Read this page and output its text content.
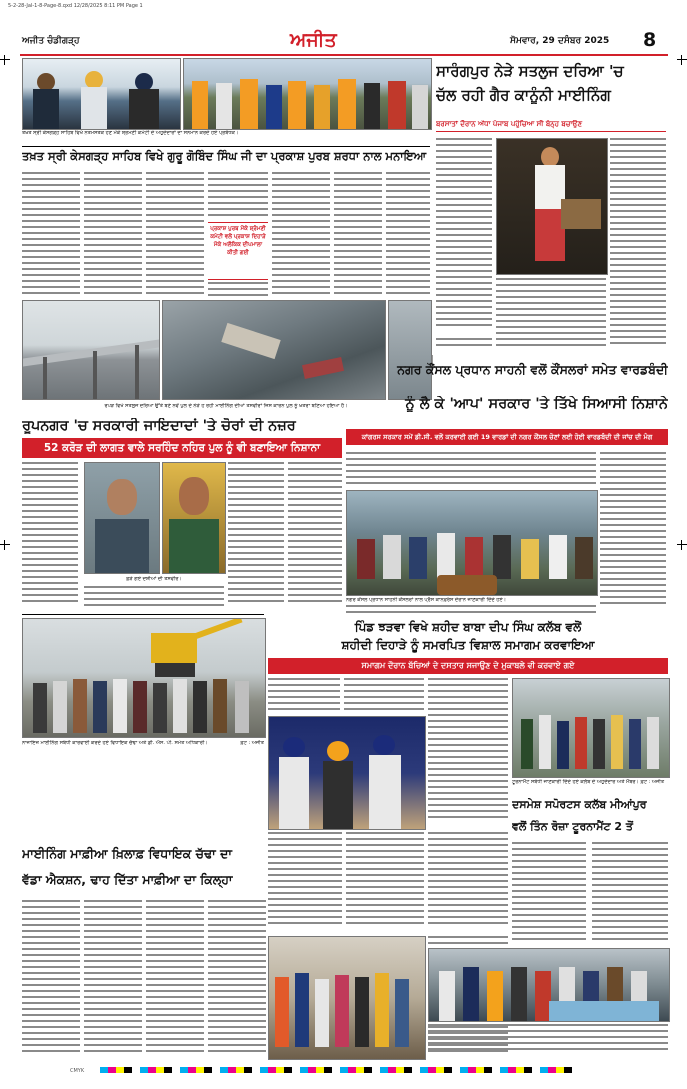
5-2-28-Jal-1-8-Page-8.qxd 12/28/2025 8:11 PM Page 1
ਅਜੀਤ ਚੰਡੀਗੜ੍ਹ	ਅਜੀਤ	ਸੋਮਵਾਰ, 29 ਦਸੰਬਰ 2025 8
ਤਖ਼ਤ ਸ੍ਰੀ ਕੇਸਗੜ੍ਹ ਸਾਹਿਬ ਵਿਖੇ ਨਤਮਸਤਕ ਹੋਣ ਮੌਕੇ ਸ਼੍ਰੋਮਣੀ ਕਮੇਟੀ ਦੇ ਅਹੁਦੇਦਾਰਾਂ ਦਾ ਸਨਮਾਨ ਕਰਦੇ ਹੋਏ ਪ੍ਰਬੰਧਕ।
ਸਾਰੰਗਪੁਰ ਨੇੜੇ ਸਤਲੁਜ ਦਰਿਆ 'ਚ
ਚੱਲ ਰਹੀ ਗੈਰ ਕਾਨੂੰਨੀ ਮਾਈਨਿੰਗ
ਬਰਸਾਤਾਂ ਦੌਰਾਨ ਅੱਧਾ ਪੰਜਾਬ ਪਹੁੰਚਿਆ ਸੀ ਬੰਨ੍ਹ ਬਚਾਉਣ
ਤਖ਼ਤ ਸ੍ਰੀ ਕੇਸਗੜ੍ਹ ਸਾਹਿਬ ਵਿਖੇ ਗੁਰੂ ਗੋਬਿੰਦ ਸਿੰਘ ਜੀ ਦਾ ਪ੍ਰਕਾਸ਼ ਪੁਰਬ ਸ਼ਰਧਾ ਨਾਲ ਮਨਾਇਆ
ਪ੍ਰਕਾਸ਼ ਪੁਰਬ ਮੌਕੇ ਸ਼੍ਰੋਮਣੀ ਕਮੇਟੀ ਵਲੋਂ ਪ੍ਰਕਾਸ਼ ਦਿਹਾੜੇ ਮੌਕੇ ਅਲੌਕਿਕ ਦੀਪਮਾਲਾ ਕੀਤੀ ਗਈ
ਰੋਪੜ ਵਿਖੇ ਸਤਲੁਜ ਦਰਿਆ ਉੱਤੇ ਬਣੇ ਨਵੇਂ ਪੁਲ ਦੇ ਨੇੜੇ ਹੋ ਰਹੀ ਮਾਈਨਿੰਗ ਦੀਆਂ ਤਸਵੀਰਾਂ ਜਿਸ ਕਾਰਨ ਪੁਲ ਨੂੰ ਖ਼ਤਰਾ ਬਣਿਆ ਹੋਇਆ ਹੈ।
ਨਗਰ ਕੌਂਸਲ ਪ੍ਰਧਾਨ ਸਾਹਨੀ ਵਲੋਂ ਕੌਂਸਲਰਾਂ ਸਮੇਤ ਵਾਰਡਬੰਦੀ
ਨੂੰ ਲੈ ਕੇ 'ਆਪ' ਸਰਕਾਰ 'ਤੇ ਤਿੱਖੇ ਸਿਆਸੀ ਨਿਸ਼ਾਨੇ
ਰੂਪਨਗਰ 'ਚ ਸਰਕਾਰੀ ਜਾਇਦਾਦਾਂ 'ਤੇ ਚੋਰਾਂ ਦੀ ਨਜ਼ਰ
52 ਕਰੋੜ ਦੀ ਲਾਗਤ ਵਾਲੇ ਸਰਹਿੰਦ ਨਹਿਰ ਪੁਲ ਨੂੰ ਵੀ ਬਣਾਇਆ ਨਿਸ਼ਾਨਾ
ਫ਼ੜੇ ਗਏ ਦੋਸ਼ੀਆਂ ਦੀ ਤਸਵੀਰ।
ਕਾਂਗਰਸ ਸਰਕਾਰ ਸਮੇਂ ਡੀ.ਸੀ. ਵਲੋਂ ਕਰਵਾਈ ਗਈ 19 ਵਾਰਡਾਂ ਦੀ ਨਗਰ ਕੌਂਸਲ ਚੋਣਾਂ ਲਈ ਹੋਈ ਵਾਰਡਬੰਦੀ ਦੀ ਜਾਂਚ ਦੀ ਮੰਗ
ਨਗਰ ਕੌਂਸਲ ਪ੍ਰਧਾਨ ਸਾਹਨੀ ਕੌਂਸਲਰਾਂ ਨਾਲ ਪ੍ਰੈਸ ਕਾਨਫ਼ਰੰਸ ਦੌਰਾਨ ਜਾਣਕਾਰੀ ਦਿੰਦੇ ਹੋਏ।
ਨਾਜਾਇਜ਼ ਮਾਈਨਿੰਗ ਸਬੰਧੀ ਕਾਰਵਾਈ ਕਰਦੇ ਹੋਏ ਵਿਧਾਇਕ ਚੱਢਾ ਅਤੇ ਡੀ. ਐਸ. ਪੀ. ਸਮੇਤ ਅਧਿਕਾਰੀ।	ਫ਼ੋਟੋ : ਅਜੀਤ
ਪਿੰਡ ਝੜਵਾ ਵਿਖੇ ਸ਼ਹੀਦ ਬਾਬਾ ਦੀਪ ਸਿੰਘ ਕਲੱਬ ਵਲੋਂ
ਸ਼ਹੀਦੀ ਦਿਹਾੜੇ ਨੂੰ ਸਮਰਪਿਤ ਵਿਸ਼ਾਲ ਸਮਾਗਮ ਕਰਵਾਇਆ
ਸਮਾਗਮ ਦੌਰਾਨ ਬੱਚਿਆਂ ਦੇ ਦਸਤਾਰ ਸਜਾਉਣ ਦੇ ਮੁਕਾਬਲੇ ਵੀ ਕਰਵਾਏ ਗਏ
ਟੂਰਨਾਮੈਂਟ ਸਬੰਧੀ ਜਾਣਕਾਰੀ ਦਿੰਦੇ ਹੋਏ ਕਲੱਬ ਦੇ ਅਹੁਦੇਦਾਰ ਅਤੇ ਮੈਂਬਰ। ਫ਼ੋਟੋ : ਅਜੀਤ
ਮਾਈਨਿੰਗ ਮਾਫ਼ੀਆ ਖ਼ਿਲਾਫ਼ ਵਿਧਾਇਕ ਚੱਢਾ ਦਾ
ਵੱਡਾ ਐਕਸ਼ਨ, ਢਾਹ ਦਿੱਤਾ ਮਾਫ਼ੀਆ ਦਾ ਕਿਲ੍ਹਾ
ਦਸਮੇਸ਼ ਸਪੋਰਟਸ ਕਲੱਬ ਮੀਆਂਪੁਰ
ਵਲੋਂ ਤਿੰਨ ਰੋਜ਼ਾ ਟੂਰਨਾਮੈਂਟ 2 ਤੋਂ
CMYK
